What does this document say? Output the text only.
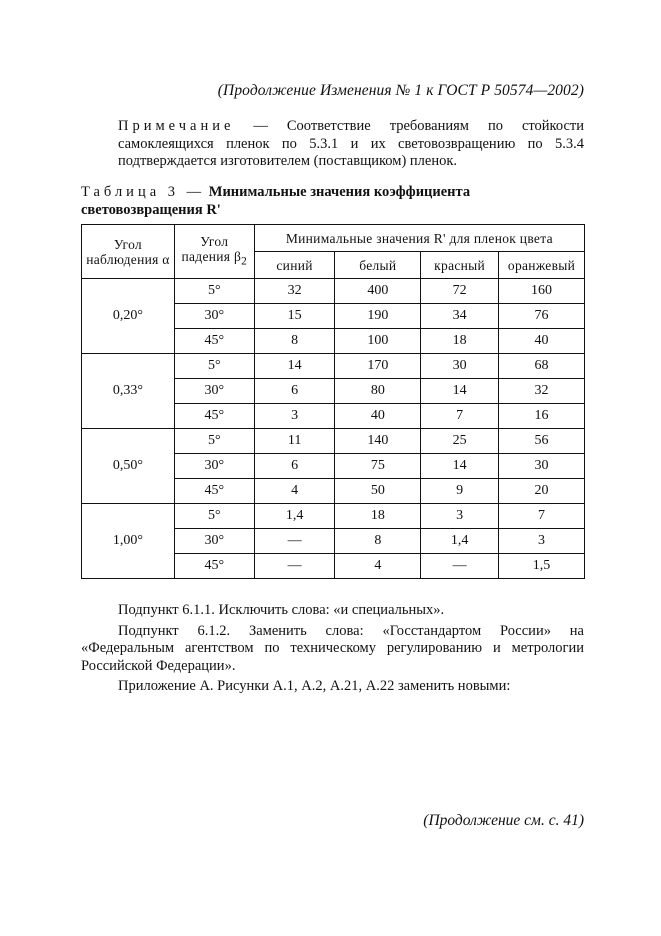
(Продолжение Изменения № 1 к ГОСТ Р 50574—2002)
Примечание — Соответствие требованиям по стойкости самоклеящихся пленок по 5.3.1 и их световозвращению по 5.3.4 подтверждается изготовителем (поставщиком) пленок.
Таблица 3 — Минимальные значения коэффициента световозвращения R'
Угол наблюдения α	Угол падения $\beta_2$	Минимальные значения R' для пленок цвета			
		синий	белый	красный	оранжевый
0,20°	5°	32	400	72	160
	30°	15	190	34	76
	45°	8	100	18	40
0,33°	5°	14	170	30	68
	30°	6	80	14	32
	45°	3	40	7	16
0,50°	5°	11	140	25	56
	30°	6	75	14	30
	45°	4	50	9	20
1,00°	5°	1,4	18	3	7
	30°	—	8	1,4	3
	45°	—	4	—	1,5

Подпункт 6.1.1. Исключить слова: «и специальных».

Подпункт 6.1.2. Заменить слова: «Госстандартом России» на «Федеральным агентством по техническому регулированию и метрологии Российской Федерации».

Приложение А. Рисунки А.1, А.2, А.21, А.22 заменить новыми:

(Продолжение см. с. 41)
